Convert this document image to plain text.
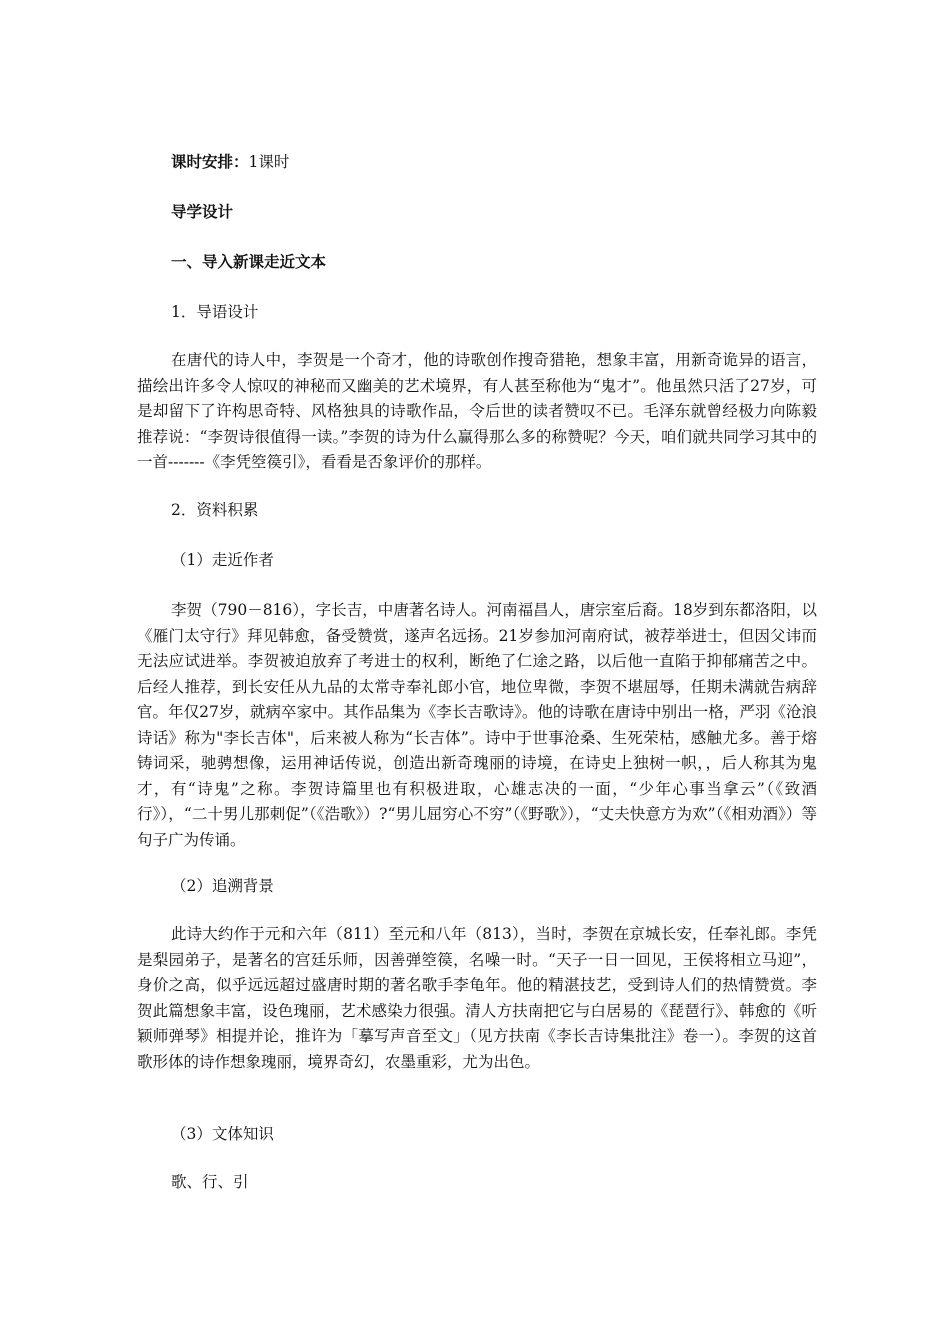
课时安排：1课时

导学设计

一、导入新课走近文本

1．导语设计

在唐代的诗人中，李贺是一个奇才，他的诗歌创作搜奇猎艳，想象丰富，用新奇诡异的语言，描绘出许多令人惊叹的神秘而又幽美的艺术境界，有人甚至称他为“鬼才”。他虽然只活了27岁，可是却留下了许构思奇特、风格独具的诗歌作品，令后世的读者赞叹不已。毛泽东就曾经极力向陈毅推荐说：“李贺诗很值得一读。”李贺的诗为什么赢得那么多的称赞呢？今天，咱们就共同学习其中的一首-------《李凭箜篌引》，看看是否象评价的那样。

2．资料积累

（1）走近作者

李贺（790－816），字长吉，中唐著名诗人。河南福昌人，唐宗室后裔。18岁到东都洛阳，以《雁门太守行》拜见韩愈，备受赞赏，遂声名远扬。21岁参加河南府试，被荐举进士，但因父讳而无法应试进举。李贺被迫放弃了考进士的权利，断绝了仁途之路，以后他一直陷于抑郁痛苦之中。后经人推荐，到长安任从九品的太常寺奉礼郎小官，地位卑微，李贺不堪屈辱，任期未满就告病辞官。年仅27岁，就病卒家中。其作品集为《李长吉歌诗》。他的诗歌在唐诗中别出一格，严羽《沧浪诗话》称为"李长吉体"，后来被人称为“长吉体”。诗中于世事沧桑、生死荣枯，感触尤多。善于熔铸词采，驰骋想像，运用神话传说，创造出新奇瑰丽的诗境，在诗史上独树一帜，，后人称其为鬼才，有“诗鬼”之称。李贺诗篇里也有积极进取，心雄志决的一面，“少年心事当拿云”（《致酒行》），“二十男儿那刺促”（《浩歌》）?“男儿屈穷心不穷”（《野歌》），“丈夫快意方为欢”（《相劝酒》）等句子广为传诵。

（2）追溯背景

此诗大约作于元和六年（811）至元和八年（813），当时，李贺在京城长安，任奉礼郎。李凭是梨园弟子，是著名的宫廷乐师，因善弹箜篌，名噪一时。“天子一日一回见，王侯将相立马迎”，身价之高，似乎远远超过盛唐时期的著名歌手李龟年。他的精湛技艺，受到诗人们的热情赞赏。李贺此篇想象丰富，设色瑰丽，艺术感染力很强。清人方扶南把它与白居易的《琵琶行》、韩愈的《听颖师弹琴》相提并论，推许为「摹写声音至文」（见方扶南《李长吉诗集批注》卷一）。李贺的这首歌形体的诗作想象瑰丽，境界奇幻，农墨重彩，尤为出色。

（3）文体知识

歌、行、引
